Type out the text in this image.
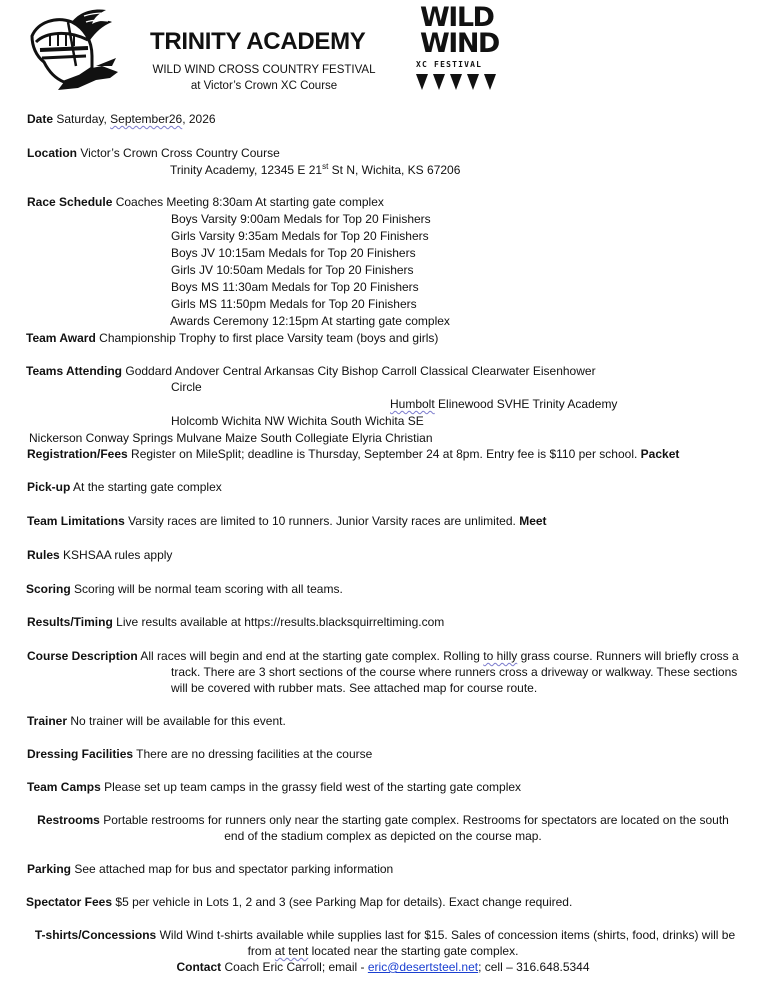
TRINITY ACADEMY
WILD WIND CROSS COUNTRY FESTIVAL
at Victor’s Crown XC Course
WILD
WIND
XC FESTIVAL
Date Saturday, September26, 2026
Location Victor’s Crown Cross Country Course
Trinity Academy, 12345 E 21st St N, Wichita, KS 67206
Race Schedule Coaches Meeting 8:30am At starting gate complex
Boys Varsity 9:00am Medals for Top 20 Finishers
Girls Varsity 9:35am Medals for Top 20 Finishers
Boys JV 10:15am Medals for Top 20 Finishers
Girls JV 10:50am Medals for Top 20 Finishers
Boys MS 11:30am Medals for Top 20 Finishers
Girls MS 11:50pm Medals for Top 20 Finishers
Awards Ceremony 12:15pm At starting gate complex
Team Award Championship Trophy to first place Varsity team (boys and girls)
Teams Attending Goddard Andover Central Arkansas City Bishop Carroll Classical Clearwater Eisenhower
Circle
Humbolt Elinewood SVHE Trinity Academy
Holcomb Wichita NW Wichita South Wichita SE
Nickerson Conway Springs Mulvane Maize South Collegiate Elyria Christian
Registration/Fees Register on MileSplit; deadline is Thursday, September 24 at 8pm. Entry fee is $110 per school. Packet
Pick-up At the starting gate complex
Team Limitations Varsity races are limited to 10 runners. Junior Varsity races are unlimited. Meet
Rules KSHSAA rules apply
Scoring Scoring will be normal team scoring with all teams.
Results/Timing Live results available at https://results.blacksquirreltiming.com
Course Description All races will begin and end at the starting gate complex. Rolling to hilly grass course. Runners will briefly cross a
track. There are 3 short sections of the course where runners cross a driveway or walkway. These sections
will be covered with rubber mats. See attached map for course route.
Trainer No trainer will be available for this event.
Dressing Facilities There are no dressing facilities at the course
Team Camps Please set up team camps in the grassy field west of the starting gate complex
Restrooms Portable restrooms for runners only near the starting gate complex. Restrooms for spectators are located on the south
end of the stadium complex as depicted on the course map.
Parking See attached map for bus and spectator parking information
Spectator Fees $5 per vehicle in Lots 1, 2 and 3 (see Parking Map for details). Exact change required.
T-shirts/Concessions Wild Wind t-shirts available while supplies last for $15. Sales of concession items (shirts, food, drinks) will be
from at tent located near the starting gate complex.
Contact Coach Eric Carroll; email - eric@desertsteel.net; cell – 316.648.5344
